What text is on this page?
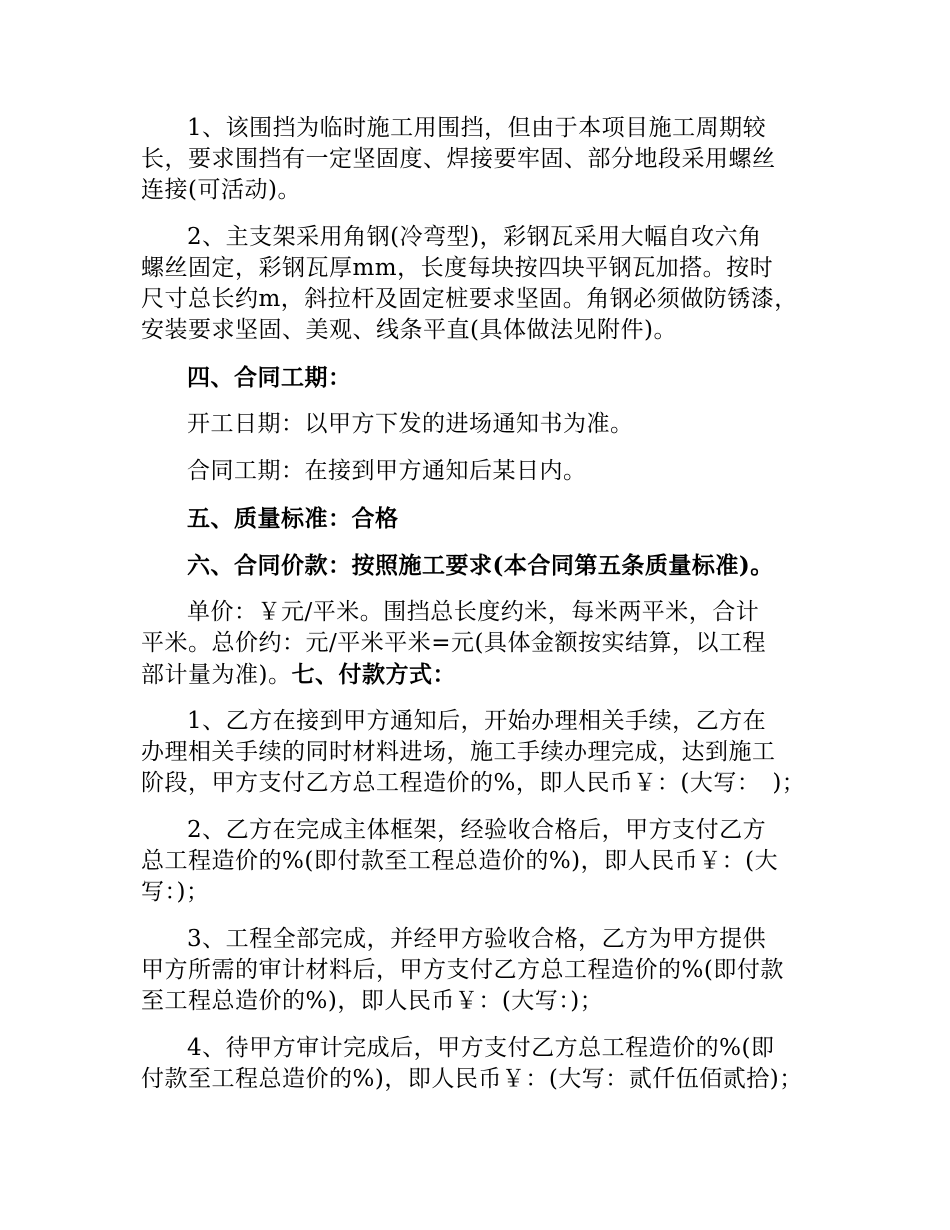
1、该围挡为临时施工用围挡，但由于本项目施工周期较
长，要求围挡有一定坚固度、焊接要牢固、部分地段采用螺丝
连接(可活动)。

2、主支架采用角钢(冷弯型)，彩钢瓦采用大幅自攻六角
螺丝固定，彩钢瓦厚mm，长度每块按四块平钢瓦加搭。按时
尺寸总长约m，斜拉杆及固定桩要求坚固。角钢必须做防锈漆，
安装要求坚固、美观、线条平直(具体做法见附件)。

四、合同工期：

开工日期：以甲方下发的进场通知书为准。

合同工期：在接到甲方通知后某日内。

五、质量标准：合格

六、合同价款：按照施工要求(本合同第五条质量标准)。

单价：￥元/平米。围挡总长度约米，每米两平米，合计
平米。总价约：元/平米平米=元(具体金额按实结算，以工程
部计量为准)。七、付款方式：

1、乙方在接到甲方通知后，开始办理相关手续，乙方在
办理相关手续的同时材料进场，施工手续办理完成，达到施工
阶段，甲方支付乙方总工程造价的%，即人民币￥：(大写：　)；

2、乙方在完成主体框架，经验收合格后，甲方支付乙方
总工程造价的%(即付款至工程总造价的%)，即人民币￥：(大
写：)；

3、工程全部完成，并经甲方验收合格，乙方为甲方提供
甲方所需的审计材料后，甲方支付乙方总工程造价的%(即付款
至工程总造价的%)，即人民币￥：(大写：)；

4、待甲方审计完成后，甲方支付乙方总工程造价的%(即
付款至工程总造价的%)，即人民币￥：(大写：贰仟伍佰贰拾)；
